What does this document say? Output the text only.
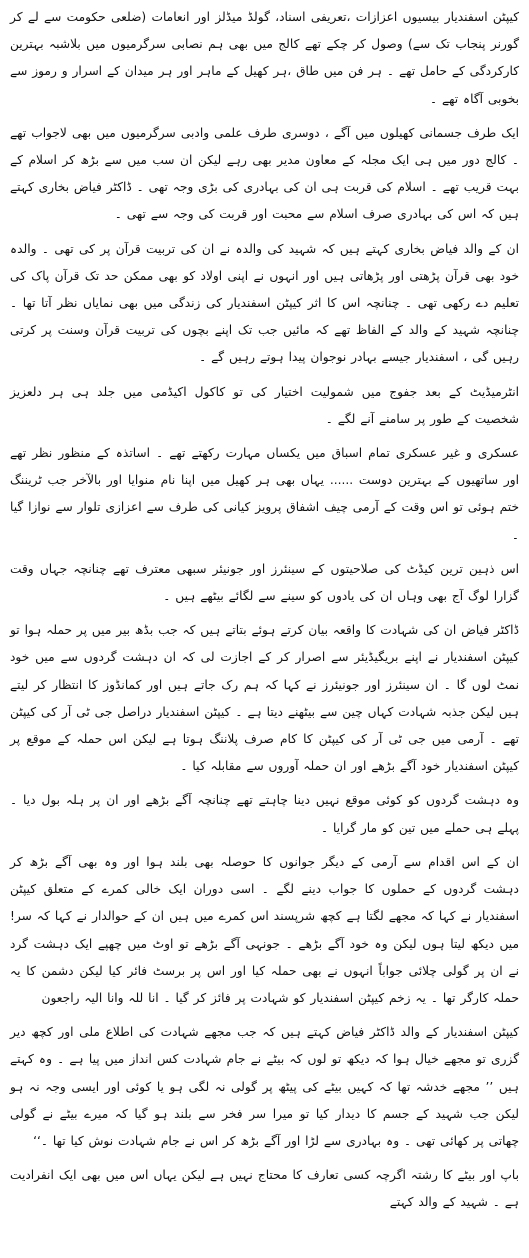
کیپٹن اسفندیار بیسیوں اعزازات ،تعریفی اسناد، گولڈ میڈلز اور انعامات (ضلعی حکومت سے لے کر گورنر پنجاب تک سے) وصول کر چکے تھے کالج میں بھی ہم نصابی سرگرمیوں میں بلاشبہ بہترین کارکردگی کے حامل تھے ۔ ہر فن میں طاق ،ہر کھیل کے ماہر اور ہر میدان کے اسرار و رموز سے بخوبی آگاہ تھے ۔

ایک طرف جسمانی کھیلوں میں آگے ، دوسری طرف علمی وادبی سرگرمیوں میں بھی لاجواب تھے ۔ کالج دور میں ہی ایک مجلہ کے معاون مدیر بھی رہے لیکن ان سب میں سے بڑھ کر اسلام کے بہت قریب تھے ۔ اسلام کی قربت ہی ان کی بہادری کی بڑی وجہ تھی ۔ ڈاکٹر فیاض بخاری کہتے ہیں کہ اس کی بہادری صرف اسلام سے محبت اور قربت کی وجہ سے تھی ۔

ان کے والد فیاض بخاری کہتے ہیں کہ شہید کی والدہ نے ان کی تربیت قرآن پر کی تھی ۔ والدہ خود بھی قرآن پڑھتی اور پڑھاتی ہیں اور انہوں نے اپنی اولاد کو بھی ممکن حد تک قرآن پاک کی تعلیم دے رکھی تھی ۔ چنانچہ اس کا اثر کیپٹن اسفندیار کی زندگی میں بھی نمایاں نظر آتا تھا ۔ چنانچہ شہید کے والد کے الفاظ تھے کہ مائیں جب تک اپنے بچوں کی تربیت قرآن وسنت پر کرتی رہیں گی ، اسفندیار جیسے بہادر نوجوان پیدا ہوتے رہیں گے ۔

انٹرمیڈیٹ کے بعد جفوج میں شمولیت اختیار کی تو کاکول اکیڈمی میں جلد ہی ہر دلعزیز شخصیت کے طور پر سامنے آنے لگے ۔

عسکری و غیر عسکری تمام اسباق میں یکساں مہارت رکھتے تھے ۔ اساتذہ کے منظور نظر تھے اور ساتھیوں کے بہترین دوست ...... یہاں بھی ہر کھیل میں اپنا نام منوایا اور بالآخر جب ٹریننگ ختم ہوئی تو اس وقت کے آرمی چیف اشفاق پرویز کیانی کی طرف سے اعزازی تلوار سے نوازا گیا ۔

اس ذہین ترین کیڈٹ کی صلاحیتوں کے سینئرز اور جونیئر سبھی معترف تھے چنانچہ جہاں وقت گزارا لوگ آج بھی وہاں ان کی یادوں کو سینے سے لگائے بیٹھے ہیں ۔

ڈاکٹر فیاض ان کی شہادت کا واقعہ بیان کرتے ہوئے بتاتے ہیں کہ جب بڈھ بیر میں پر حملہ ہوا تو کیپٹن اسفندیار نے اپنے بریگیڈیئر سے اصرار کر کے اجازت لی کہ ان دہشت گردوں سے میں خود نمٹ لوں گا ۔ ان سینئرز اور جونیئرز نے کہا کہ ہم رک جاتے ہیں اور کمانڈوز کا انتظار کر لیتے ہیں لیکن جذبہ شہادت کہاں چین سے بیٹھنے دیتا ہے ۔ کیپٹن اسفندیار دراصل جی ٹی آر کی کیپٹن تھے ۔ آرمی میں جی ٹی آر کی کیپٹن کا کام صرف پلاننگ ہوتا ہے لیکن اس حملہ کے موقع پر کیپٹن اسفندیار خود آگے بڑھے اور ان حملہ آوروں سے مقابلہ کیا ۔

وہ دہشت گردوں کو کوئی موقع نہیں دینا چاہتے تھے چنانچہ آگے بڑھے اور ان پر ہلہ بول دیا ۔ پہلے ہی حملے میں تین کو مار گرایا ۔

ان کے اس اقدام سے آرمی کے دیگر جوانوں کا حوصلہ بھی بلند ہوا اور وہ بھی آگے بڑھ کر دہشت گردوں کے حملوں کا جواب دینے لگے ۔ اسی دوران ایک خالی کمرے کے متعلق کیپٹن اسفندیار نے کہا کہ مجھے لگتا ہے کچھ شرپسند اس کمرے میں ہیں ان کے حوالدار نے کہا کہ سر! میں دیکھ لیتا ہوں لیکن وہ خود آگے بڑھے ۔ جونہی آگے بڑھے تو اوٹ میں چھپے ایک دہشت گرد نے ان پر گولی چلائی جواباً انہوں نے بھی حملہ کیا اور اس پر برسٹ فائر کیا لیکن دشمن کا یہ حملہ کارگر تھا ۔ یہ زخم کیپٹن اسفندیار کو شہادت پر فائز کر گیا ۔ انا للہ وانا الیہ راجعون

کیپٹن اسفندیار کے والد ڈاکٹر فیاض کہتے ہیں کہ جب مجھے شہادت کی اطلاع ملی اور کچھ دیر گزری تو مجھے خیال ہوا کہ دیکھ تو لوں کہ بیٹے نے جام شہادت کس انداز میں پیا ہے ۔ وہ کہتے ہیں ’’ مجھے خدشہ تھا کہ کہیں بیٹے کی پیٹھ پر گولی نہ لگی ہو یا کوئی اور ایسی وجہ نہ ہو لیکن جب شہید کے جسم کا دیدار کیا تو میرا سر فخر سے بلند ہو گیا کہ میرے بیٹے نے گولی چھاتی پر کھائی تھی ۔ وہ بہادری سے لڑا اور آگے بڑھ کر اس نے جام شہادت نوش کیا تھا ۔‘‘

باپ اور بیٹے کا رشتہ اگرچہ کسی تعارف کا محتاج نہیں ہے لیکن یہاں اس میں بھی ایک انفرادیت ہے ۔ شہید کے والد کہتے
